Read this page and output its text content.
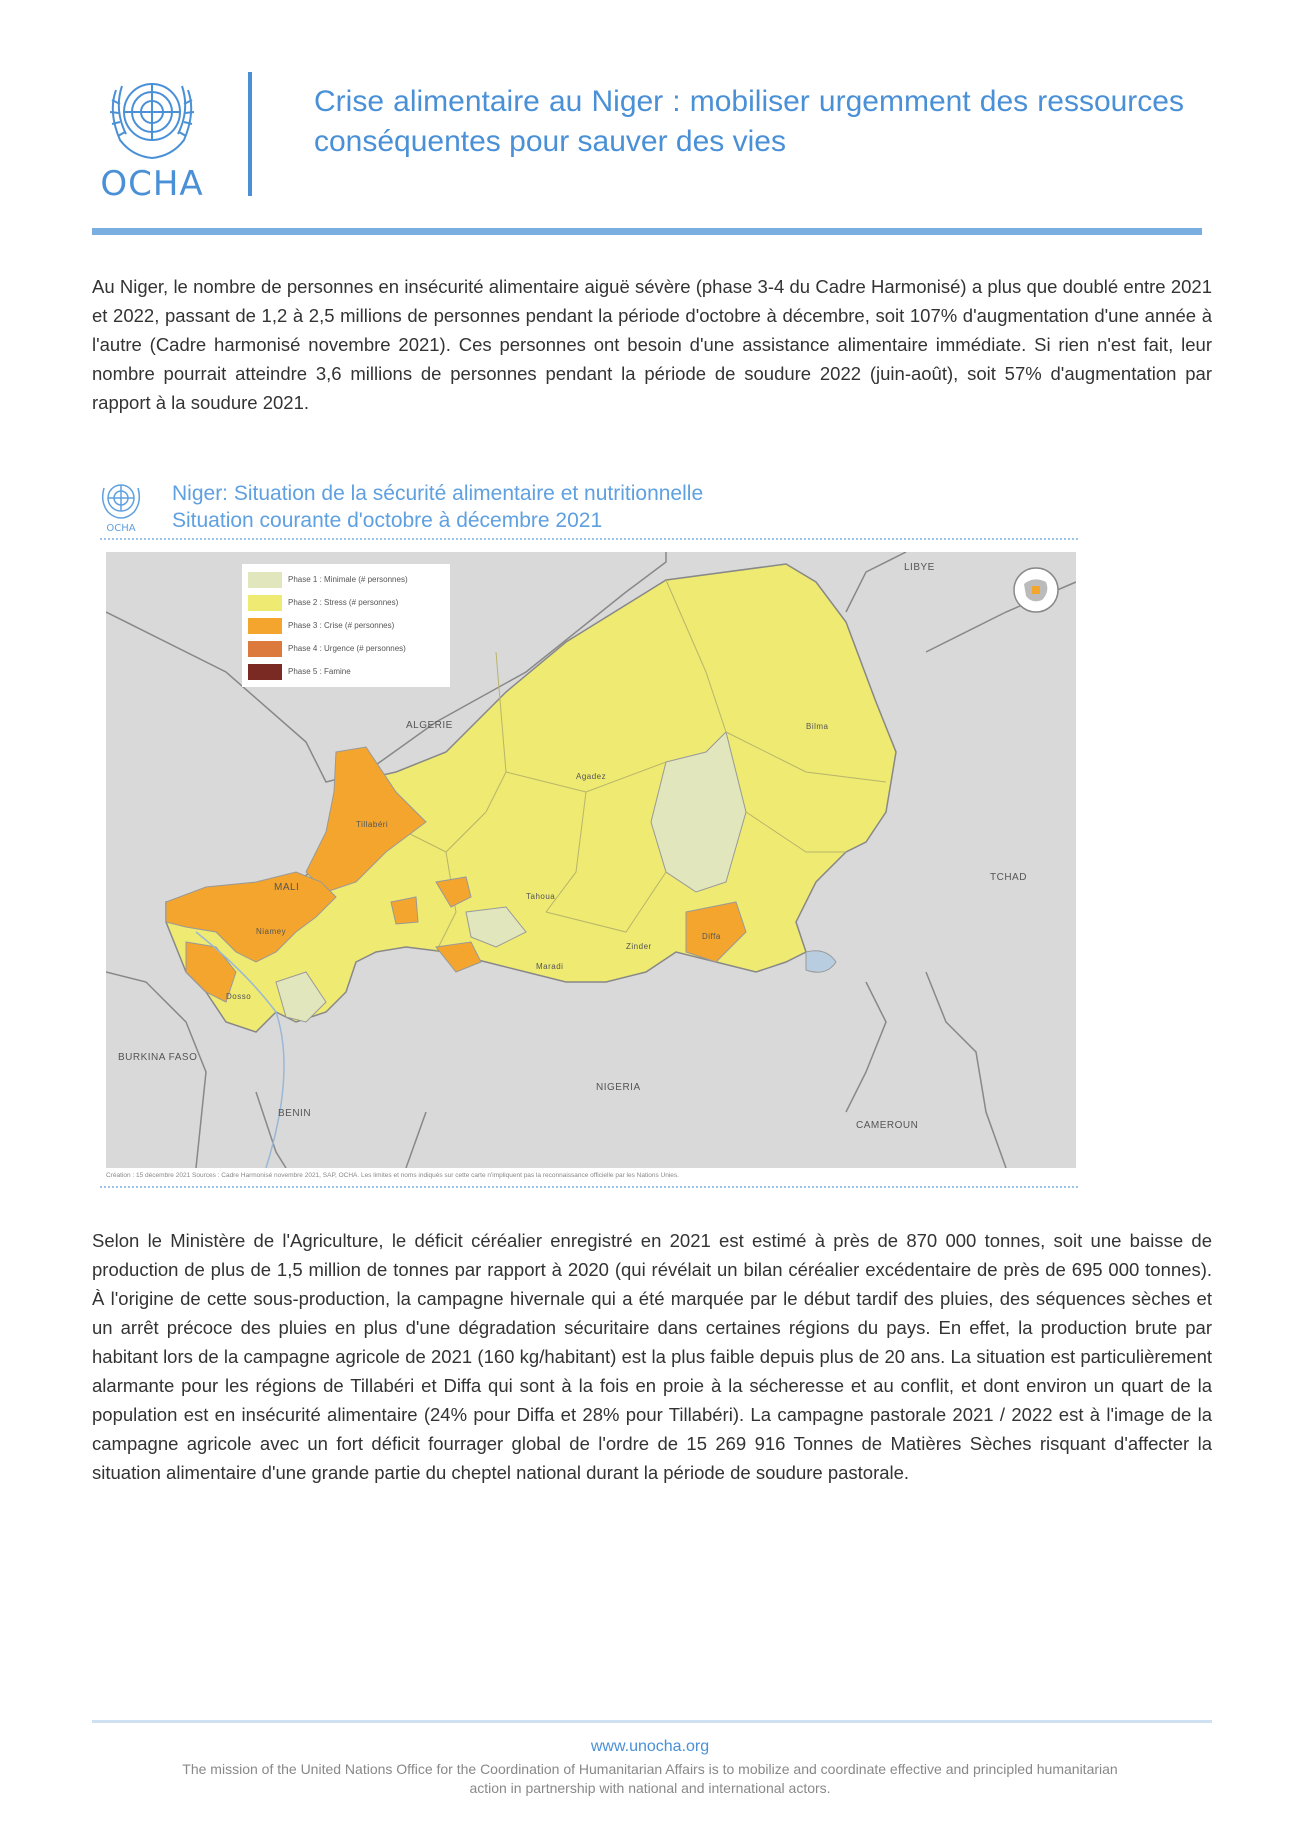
OCHA
Crise alimentaire au Niger : mobiliser urgemment des ressources conséquentes pour sauver des vies

Au Niger, le nombre de personnes en insécurité alimentaire aiguë sévère (phase 3-4 du Cadre Harmonisé) a plus que doublé entre 2021 et 2022, passant de 1,2 à 2,5 millions de personnes pendant la période d'octobre à décembre, soit 107% d'augmentation d'une année à l'autre (Cadre harmonisé novembre 2021). Ces personnes ont besoin d'une assistance alimentaire immédiate. Si rien n'est fait, leur nombre pourrait atteindre 3,6 millions de personnes pendant la période de soudure 2022 (juin-août), soit 57% d'augmentation par rapport à la soudure 2021.

OCHA
Niger: Situation de la sécurité alimentaire et nutritionnelle
Situation courante d'octobre à décembre 2021
Phase 1 : Minimale (# personnes)
Phase 2 : Stress (# personnes)
Phase 3 : Crise (# personnes)
Phase 4 : Urgence (# personnes)
Phase 5 : Famine
LIBYE
ALGERIE
MALI
TCHAD
BURKINA FASO
BENIN
NIGERIA
CAMEROUN
Agadez
Bilma
Tahoua
Zinder
Diffa
Maradi
Niamey
Tillabéri
Dosso
Création : 15 décembre 2021 Sources : Cadre Harmonisé novembre 2021, SAP, OCHA. Les limites et noms indiqués sur cette carte n'impliquent pas la reconnaissance officielle par les Nations Unies.

Selon le Ministère de l'Agriculture, le déficit céréalier enregistré en 2021 est estimé à près de 870 000 tonnes, soit une baisse de production de plus de 1,5 million de tonnes par rapport à 2020 (qui révélait un bilan céréalier excédentaire de près de 695 000 tonnes). À l'origine de cette sous-production, la campagne hivernale qui a été marquée par le début tardif des pluies, des séquences sèches et un arrêt précoce des pluies en plus d'une dégradation sécuritaire dans certaines régions du pays. En effet, la production brute par habitant lors de la campagne agricole de 2021 (160 kg/habitant) est la plus faible depuis plus de 20 ans. La situation est particulièrement alarmante pour les régions de Tillabéri et Diffa qui sont à la fois en proie à la sécheresse et au conflit, et dont environ un quart de la population est en insécurité alimentaire (24% pour Diffa et 28% pour Tillabéri). La campagne pastorale 2021 / 2022 est à l'image de la campagne agricole avec un fort déficit fourrager global de l'ordre de 15 269 916 Tonnes de Matières Sèches risquant d'affecter la situation alimentaire d'une grande partie du cheptel national durant la période de soudure pastorale.

www.unocha.org
The mission of the United Nations Office for the Coordination of Humanitarian Affairs is to mobilize and coordinate effective and principled humanitarian action in partnership with national and international actors.
